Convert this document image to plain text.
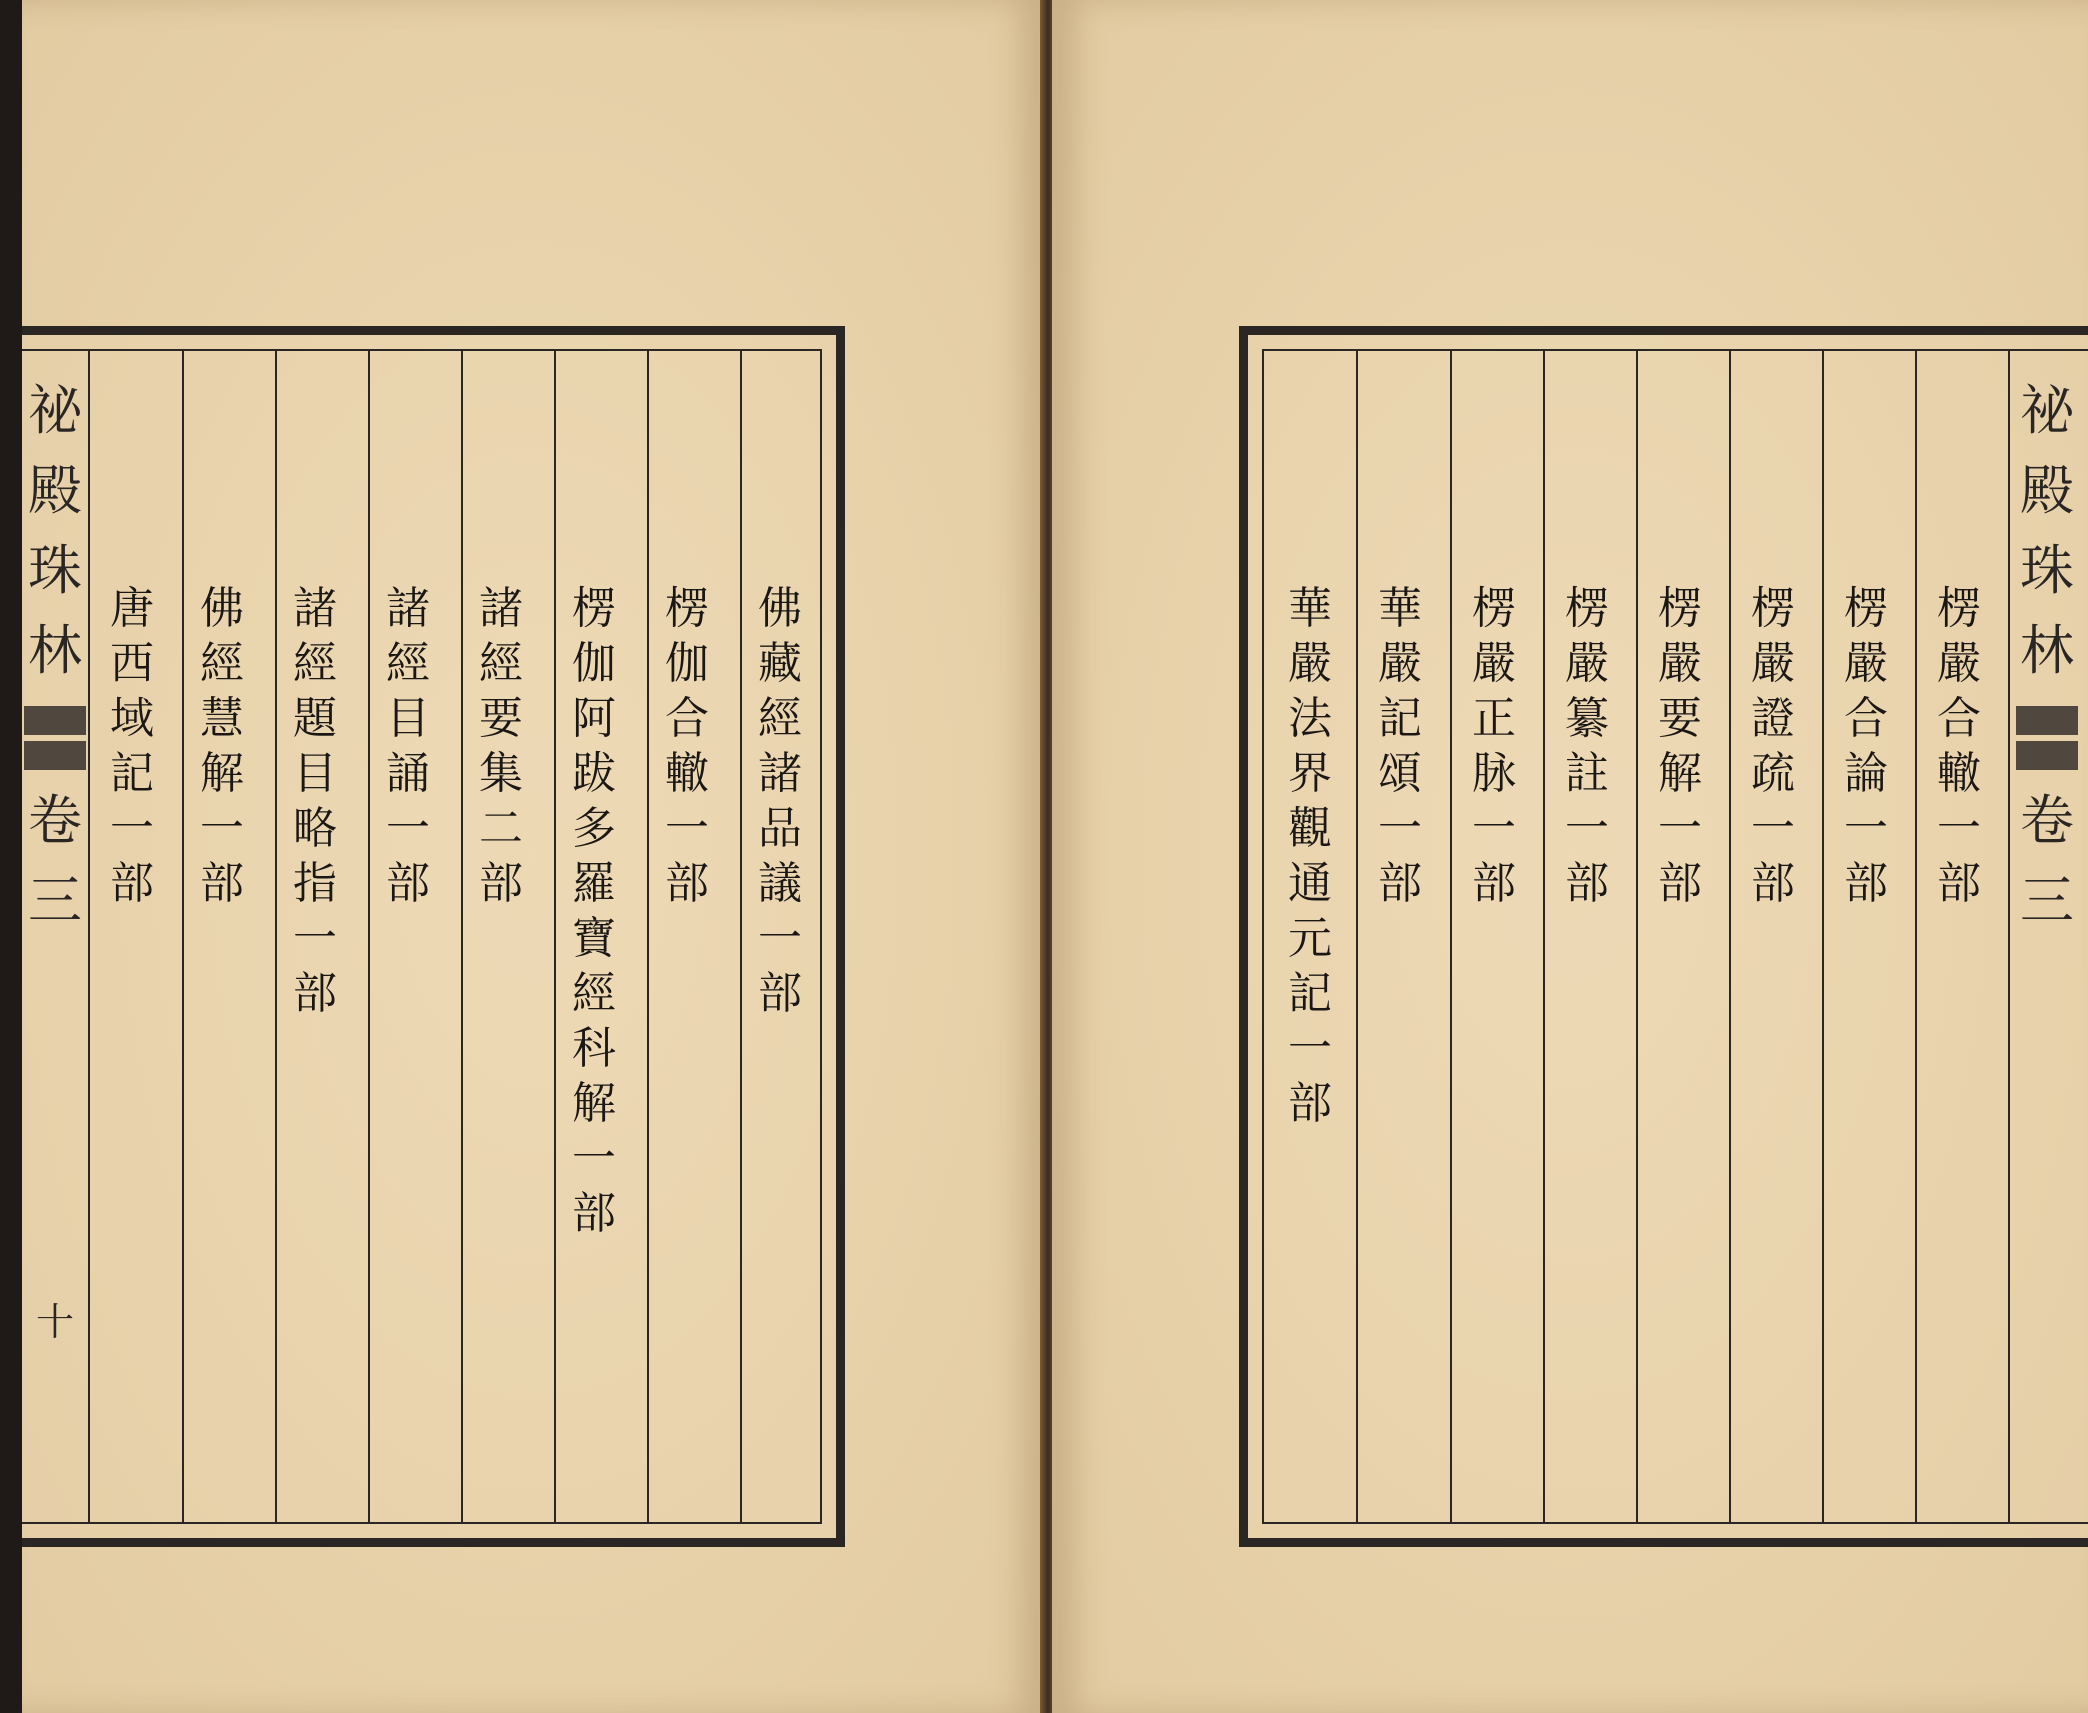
祕
殿
珠
林
卷
三
十
佛
藏
經
諸
品
議
一
部
楞
伽
合
轍
一
部
楞
伽
阿
跋
多
羅
寶
經
科
解
一
部
諸
經
要
集
二
部
諸
經
目
誦
一
部
諸
經
題
目
略
指
一
部
佛
經
慧
解
一
部
唐
西
域
記
一
部
祕
殿
珠
林
卷
三
楞
嚴
合
轍
一
部
楞
嚴
合
論
一
部
楞
嚴
證
疏
一
部
楞
嚴
要
解
一
部
楞
嚴
纂
註
一
部
楞
嚴
正
脉
一
部
華
嚴
記
頌
一
部
華
嚴
法
界
觀
通
元
記
一
部
